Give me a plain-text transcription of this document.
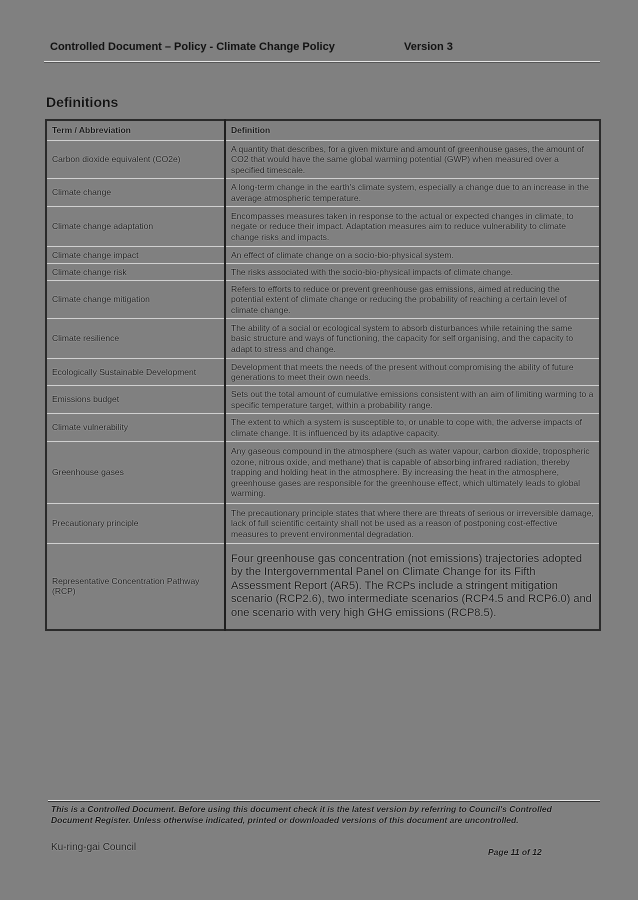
Controlled Document – Policy - Climate Change Policy	Version 3
Definitions
Term / Abbreviation	Definition
Carbon dioxide equivalent (CO2e)	A quantity that describes, for a given mixture and amount of greenhouse gases, the amount of CO2 that would have the same global warming potential (GWP) when measured over a specified timescale.
Climate change	A long-term change in the earth's climate system, especially a change due to an increase in the average atmospheric temperature.
Climate change adaptation	Encompasses measures taken in response to the actual or expected changes in climate, to negate or reduce their impact. Adaptation measures aim to reduce vulnerability to climate change risks and impacts.
Climate change impact	An effect of climate change on a socio-bio-physical system.
Climate change risk	The risks associated with the socio-bio-physical impacts of climate change.
Climate change mitigation	Refers to efforts to reduce or prevent greenhouse gas emissions, aimed at reducing the potential extent of climate change or reducing the probability of reaching a certain level of climate change.
Climate resilience	The ability of a social or ecological system to absorb disturbances while retaining the same basic structure and ways of functioning, the capacity for self organising, and the capacity to adapt to stress and change.
Ecologically Sustainable Development	Development that meets the needs of the present without compromising the ability of future generations to meet their own needs.
Emissions budget	Sets out the total amount of cumulative emissions consistent with an aim of limiting warming to a specific temperature target, within a probability range.
Climate vulnerability	The extent to which a system is susceptible to, or unable to cope with, the adverse impacts of climate change. It is influenced by its adaptive capacity.
Greenhouse gases	Any gaseous compound in the atmosphere (such as water vapour, carbon dioxide, tropospheric ozone, nitrous oxide, and methane) that is capable of absorbing infrared radiation, thereby trapping and holding heat in the atmosphere. By increasing the heat in the atmosphere, greenhouse gases are responsible for the greenhouse effect, which ultimately leads to global warming.
Precautionary principle	The precautionary principle states that where there are threats of serious or irreversible damage, lack of full scientific certainty shall not be used as a reason of postponing cost-effective measures to prevent environmental degradation.
Representative Concentration Pathway (RCP)	Four greenhouse gas concentration (not emissions) trajectories adopted by the Intergovernmental Panel on Climate Change for its Fifth Assessment Report (AR5). The RCPs include a stringent mitigation scenario (RCP2.6), two intermediate scenarios (RCP4.5 and RCP6.0) and one scenario with very high GHG emissions (RCP8.5).
This is a Controlled Document. Before using this document check it is the latest version by referring to Council's Controlled Document Register. Unless otherwise indicated, printed or downloaded versions of this document are uncontrolled.
Ku-ring-gai Council	Page 11 of 12
